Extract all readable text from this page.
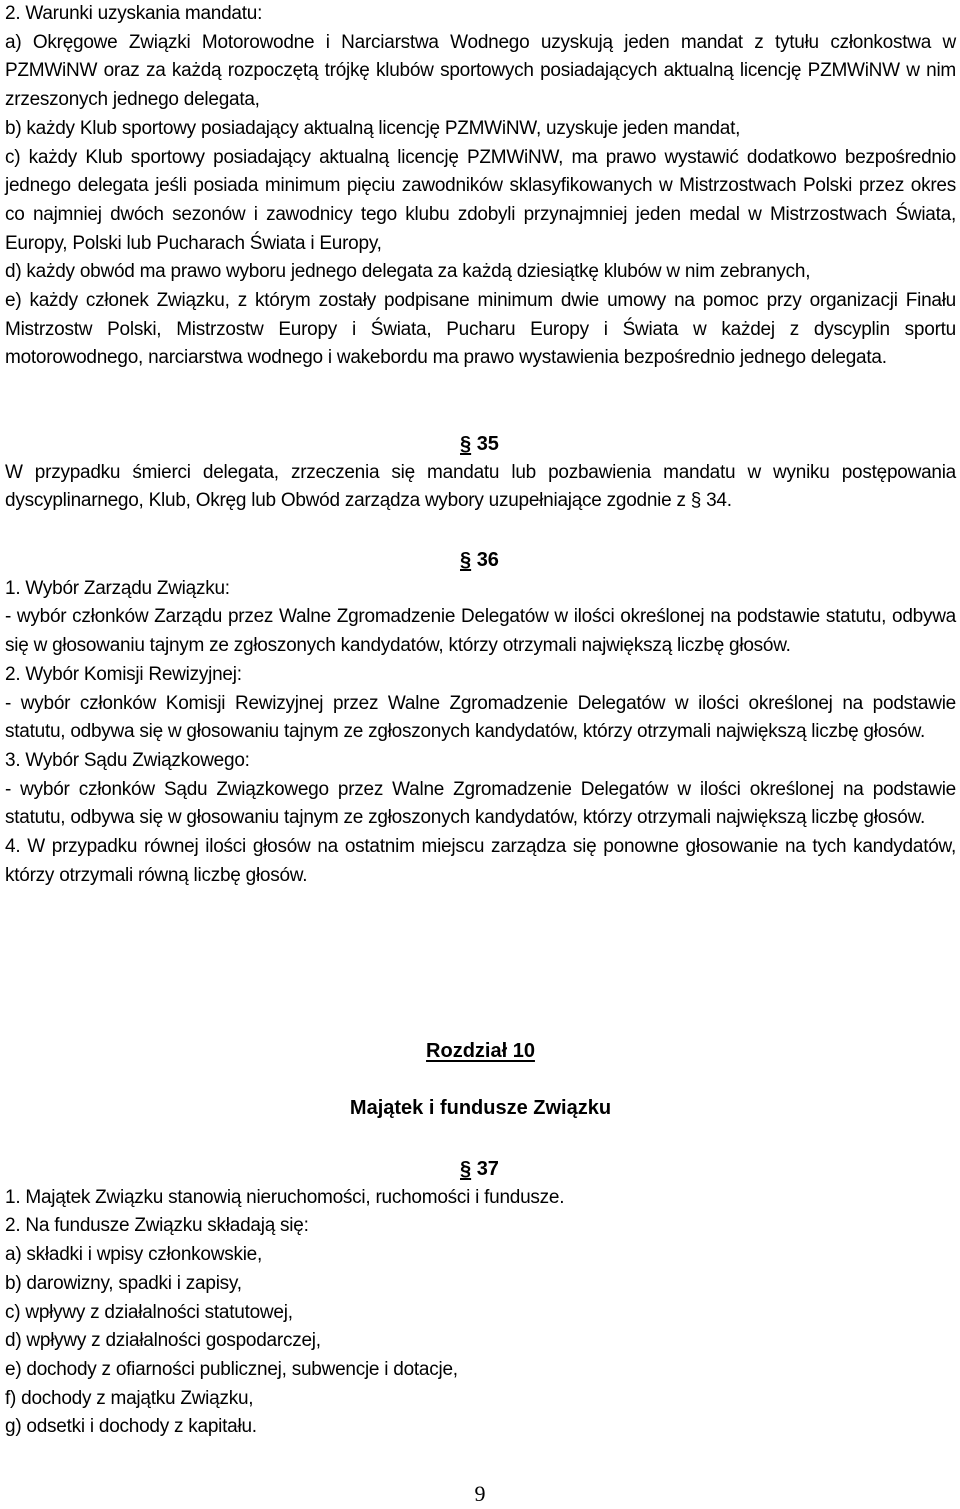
2. Warunki uzyskania mandatu:

a) Okręgowe Związki Motorowodne i Narciarstwa Wodnego uzyskują jeden mandat z tytułu członkostwa w PZMWiNW oraz za każdą rozpoczętą trójkę klubów sportowych posiadających aktualną licencję PZMWiNW w nim zrzeszonych jednego delegata,

b) każdy Klub sportowy posiadający aktualną licencję PZMWiNW, uzyskuje jeden mandat,

c) każdy Klub sportowy posiadający aktualną licencję PZMWiNW, ma prawo wystawić dodatkowo bezpośrednio jednego delegata jeśli posiada minimum pięciu zawodników sklasyfikowanych w Mistrzostwach Polski przez okres co najmniej dwóch sezonów i zawodnicy tego klubu zdobyli przynajmniej jeden medal w Mistrzostwach Świata, Europy, Polski lub Pucharach Świata i Europy,

d) każdy obwód ma prawo wyboru jednego delegata za każdą dziesiątkę klubów w nim zebranych,

e) każdy członek Związku, z którym zostały podpisane minimum dwie umowy na pomoc przy organizacji Finału Mistrzostw Polski, Mistrzostw Europy i Świata, Pucharu Europy i Świata w każdej z dyscyplin sportu motorowodnego, narciarstwa wodnego i wakebordu ma prawo wystawienia bezpośrednio jednego delegata.

§ 35

W przypadku śmierci delegata, zrzeczenia się mandatu lub pozbawienia mandatu w wyniku postępowania dyscyplinarnego, Klub, Okręg lub Obwód zarządza wybory uzupełniające zgodnie z § 34.

§ 36

1. Wybór Zarządu Związku:

- wybór członków Zarządu przez Walne Zgromadzenie Delegatów w ilości określonej na podstawie statutu, odbywa się w głosowaniu tajnym ze zgłoszonych kandydatów, którzy otrzymali największą liczbę głosów.

2. Wybór Komisji Rewizyjnej:

- wybór członków Komisji Rewizyjnej przez Walne Zgromadzenie Delegatów w ilości określonej na podstawie statutu, odbywa się w głosowaniu tajnym ze zgłoszonych kandydatów, którzy otrzymali największą liczbę głosów.

3. Wybór Sądu Związkowego:

- wybór członków Sądu Związkowego przez Walne Zgromadzenie Delegatów w ilości określonej na podstawie statutu, odbywa się w głosowaniu tajnym ze zgłoszonych kandydatów, którzy otrzymali największą liczbę głosów.

4. W przypadku równej ilości głosów na ostatnim miejscu zarządza się ponowne głosowanie na tych kandydatów, którzy otrzymali równą liczbę głosów.

Rozdział 10

Majątek i fundusze Związku

§ 37

1. Majątek Związku stanowią nieruchomości, ruchomości i fundusze.

2. Na fundusze Związku składają się:

a) składki i wpisy członkowskie,

b) darowizny, spadki i zapisy,

c) wpływy z działalności statutowej,

d) wpływy z działalności gospodarczej,

e) dochody z ofiarności publicznej, subwencje i dotacje,

f) dochody z majątku Związku,

g) odsetki i dochody z kapitału.

9
